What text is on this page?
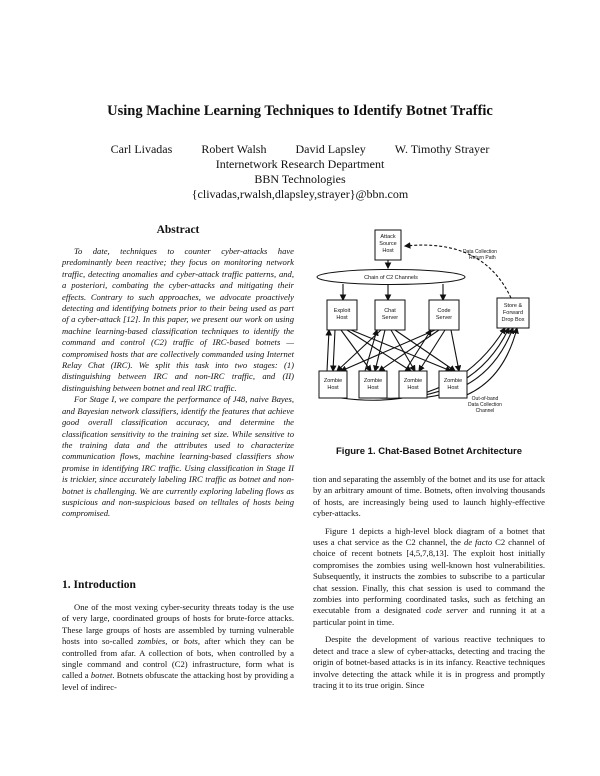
Using Machine Learning Techniques to Identify Botnet Traffic
Carl Livadas Robert Walsh David Lapsley W. Timothy Strayer
Internetwork Research Department
BBN Technologies
{clivadas,rwalsh,dlapsley,strayer}@bbn.com
Abstract

To date, techniques to counter cyber-attacks have predominantly been reactive; they focus on monitoring network traffic, detecting anomalies and cyber-attack traffic patterns, and, a posteriori, combating the cyber-attacks and mitigating their effects. Contrary to such approaches, we advocate proactively detecting and identifying botnets prior to their being used as part of a cyber-attack [12]. In this paper, we present our work on using machine learning-based classification techniques to identify the command and control (C2) traffic of IRC-based botnets — compromised hosts that are collectively commanded using Internet Relay Chat (IRC). We split this task into two stages: (1) distinguishing between IRC and non-IRC traffic, and (II) distinguishing between botnet and real IRC traffic.

For Stage I, we compare the performance of J48, naive Bayes, and Bayesian network classifiers, identify the features that achieve good overall classification accuracy, and determine the classification sensitivity to the training set size. While sensitive to the training data and the attributes used to characterize communication flows, machine learning-based classifiers show promise in identifying IRC traffic. Using classification in Stage II is trickier, since accurately labeling IRC traffic as botnet and non-botnet is challenging. We are currently exploring labeling flows as suspicious and non-suspicious based on telltales of hosts being compromised.

1. Introduction

One of the most vexing cyber-security threats today is the use of very large, coordinated groups of hosts for brute-force attacks. These large groups of hosts are assembled by turning vulnerable hosts into so-called zombies, or bots, after which they can be controlled from afar. A collection of bots, when controlled by a single command and control (C2) infrastructure, form what is called a botnet. Botnets obfuscate the attacking host by providing a level of indirec-

Attack
Source
Host
Chain of C2 Channels
Exploit
Host
Chat
Server
Code
Server
Store &
Forward
Drop Box
Zombie
Host
Zombie
Host
Zombie
Host
Zombie
Host
Data Collection
Return Path
Out-of-band
Data Collection
Channel
Figure 1. Chat-Based Botnet Architecture

tion and separating the assembly of the botnet and its use for attack by an arbitrary amount of time. Botnets, often involving thousands of hosts, are increasingly being used to launch highly-effective cyber-attacks.

Figure 1 depicts a high-level block diagram of a botnet that uses a chat service as the C2 channel, the de facto C2 channel of choice of recent botnets [4,5,7,8,13]. The exploit host initially compromises the zombies using well-known host vulnerabilities. Subsequently, it instructs the zombies to subscribe to a particular chat session. Finally, this chat session is used to command the zombies into performing coordinated tasks, such as fetching an executable from a designated code server and running it at a particular point in time.

Despite the development of various reactive techniques to detect and trace a slew of cyber-attacks, detecting and tracing the origin of botnet-based attacks is in its infancy. Reactive techniques involve detecting the attack while it is in progress and promptly tracing it to its true origin. Since
